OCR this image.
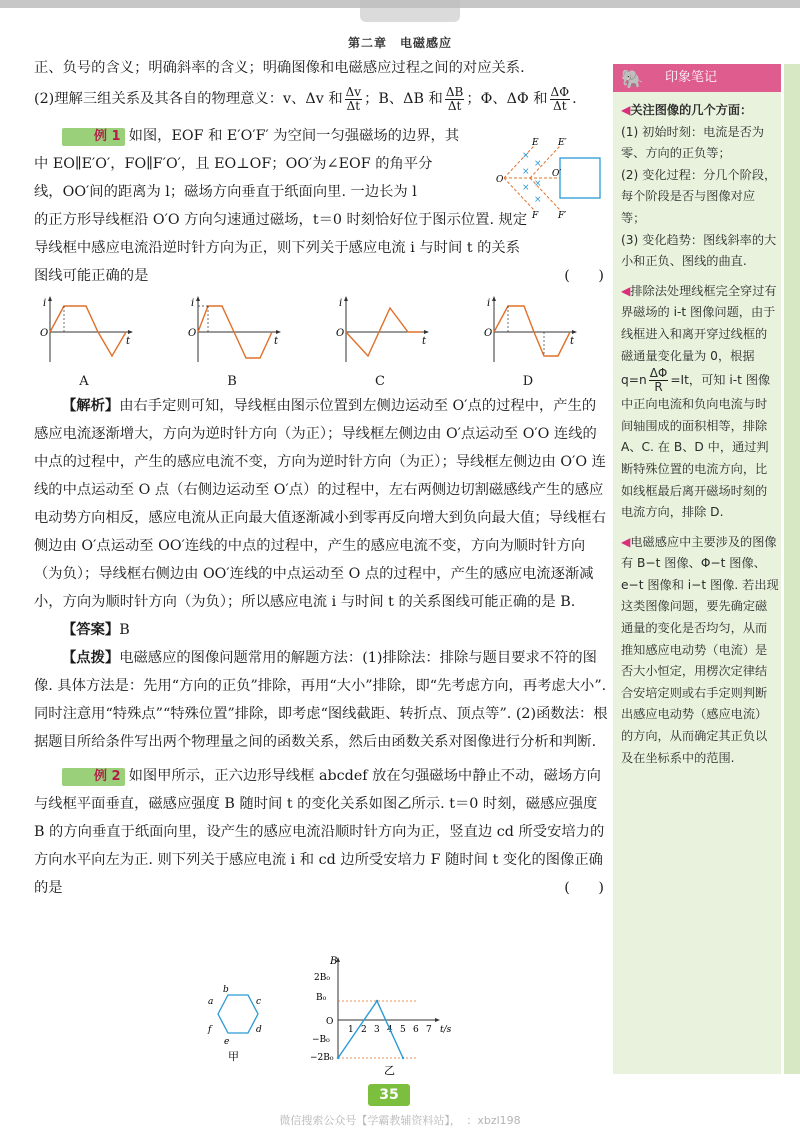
第二章　电磁感应

正、负号的含义；明确斜率的含义；明确图像和电磁感应过程之间的对应关系.

(2)理解三组关系及其各自的物理意义：v、Δv 和 $\frac{\Delta v}{\Delta t}$ ；B、ΔB 和 $\frac{\Delta B}{\Delta t}$ ；Φ、ΔΦ 和 $\frac{\Delta\Phi}{\Delta t}$ .

例 1 如图，EOF 和 E′O′F′ 为空间一匀强磁场的边界，其

中 EO∥E′O′，FO∥F′O′，且 EO⊥OF；OO′为∠EOF 的角平分

线，OO′间的距离为 l；磁场方向垂直于纸面向里. 一边长为 l

的正方形导线框沿 O′O 方向匀速通过磁场，t＝0 时刻恰好位于图示位置. 规定

导线框中感应电流沿逆时针方向为正，则下列关于感应电流 i 与时间 t 的关系

图线可能正确的是	(　　)

i
t
O
A
i
t
O
B
i
t
O
C
i
t
O
D

【解析】由右手定则可知，导线框由图示位置到左侧边运动至 O′点的过程中，产生的感应电流逐渐增大，方向为逆时针方向（为正）；导线框左侧边由 O′点运动至 O′O 连线的中点的过程中，产生的感应电流不变，方向为逆时针方向（为正）；导线框左侧边由 O′O 连线的中点运动至 O 点（右侧边运动至 O′点）的过程中，左右两侧边切割磁感线产生的感应电动势方向相反，感应电流从正向最大值逐渐减小到零再反向增大到负向最大值；导线框右侧边由 O′点运动至 OO′连线的中点的过程中，产生的感应电流不变，方向为顺时针方向（为负）；导线框右侧边由 OO′连线的中点运动至 O 点的过程中，产生的感应电流逐渐减小，方向为顺时针方向（为负）；所以感应电流 i 与时间 t 的关系图线可能正确的是 B.

【答案】B

【点拨】电磁感应的图像问题常用的解题方法：(1)排除法：排除与题目要求不符的图像. 具体方法是：先用“方向的正负”排除，再用“大小”排除，即“先考虑方向，再考虑大小”. 同时注意用“特殊点”“特殊位置”排除，即考虑“图线截距、转折点、顶点等”. (2)函数法：根据题目所给条件写出两个物理量之间的函数关系，然后由函数关系对图像进行分析和判断.

例 2 如图甲所示，正六边形导线框 abcdef 放在匀强磁场中静止不动，磁场方向与线框平面垂直，磁感应强度 B 随时间 t 的变化关系如图乙所示. t＝0 时刻，磁感应强度 B 的方向垂直于纸面向里，设产生的感应电流沿顺时针方向为正，竖直边 cd 所受安培力的方向水平向左为正. 则下列关于感应电流 i 和 cd 边所受安培力 F 随时间 t 变化的图像正确的是	(　　)

×
×
×
×
×
×
E E′
O
O′
F F′
b
c
d
e
f
a
甲
B
2B₀
B₀
O
−B₀
−2B₀
1 2 3 4 5 6 7 t/s
乙
🐘 印象笔记

◀关注图像的几个方面：
(1) 初始时刻：电流是否为零、方向的正负等；
(2) 变化过程：分几个阶段，每个阶段是否与图像对应等；
(3) 变化趋势：图线斜率的大小和正负、图线的曲直.

◀排除法处理线框完全穿过有界磁场的 i-t 图像问题，由于线框进入和离开穿过线框的磁通量变化量为 0，根据
$q=n \frac{\Delta\Phi}{R} =It$，可知 i-t 图像中正向电流和负向电流与时间轴围成的面积相等，排除 A、C. 在 B、D 中，通过判断特殊位置的电流方向，比如线框最后离开磁场时刻的电流方向，排除 D.

◀电磁感应中主要涉及的图像有 B−t 图像、Φ−t 图像、e−t 图像和 i−t 图像. 若出现这类图像问题，要先确定磁通量的变化是否均匀，从而推知感应电动势（电流）是否大小恒定，用楞次定律结合安培定则或右手定则判断出感应电动势（感应电流）的方向，从而确定其正负以及在坐标系中的范围.

35
微信搜索公众号【学霸教辅资料站】，　：xbzl198
